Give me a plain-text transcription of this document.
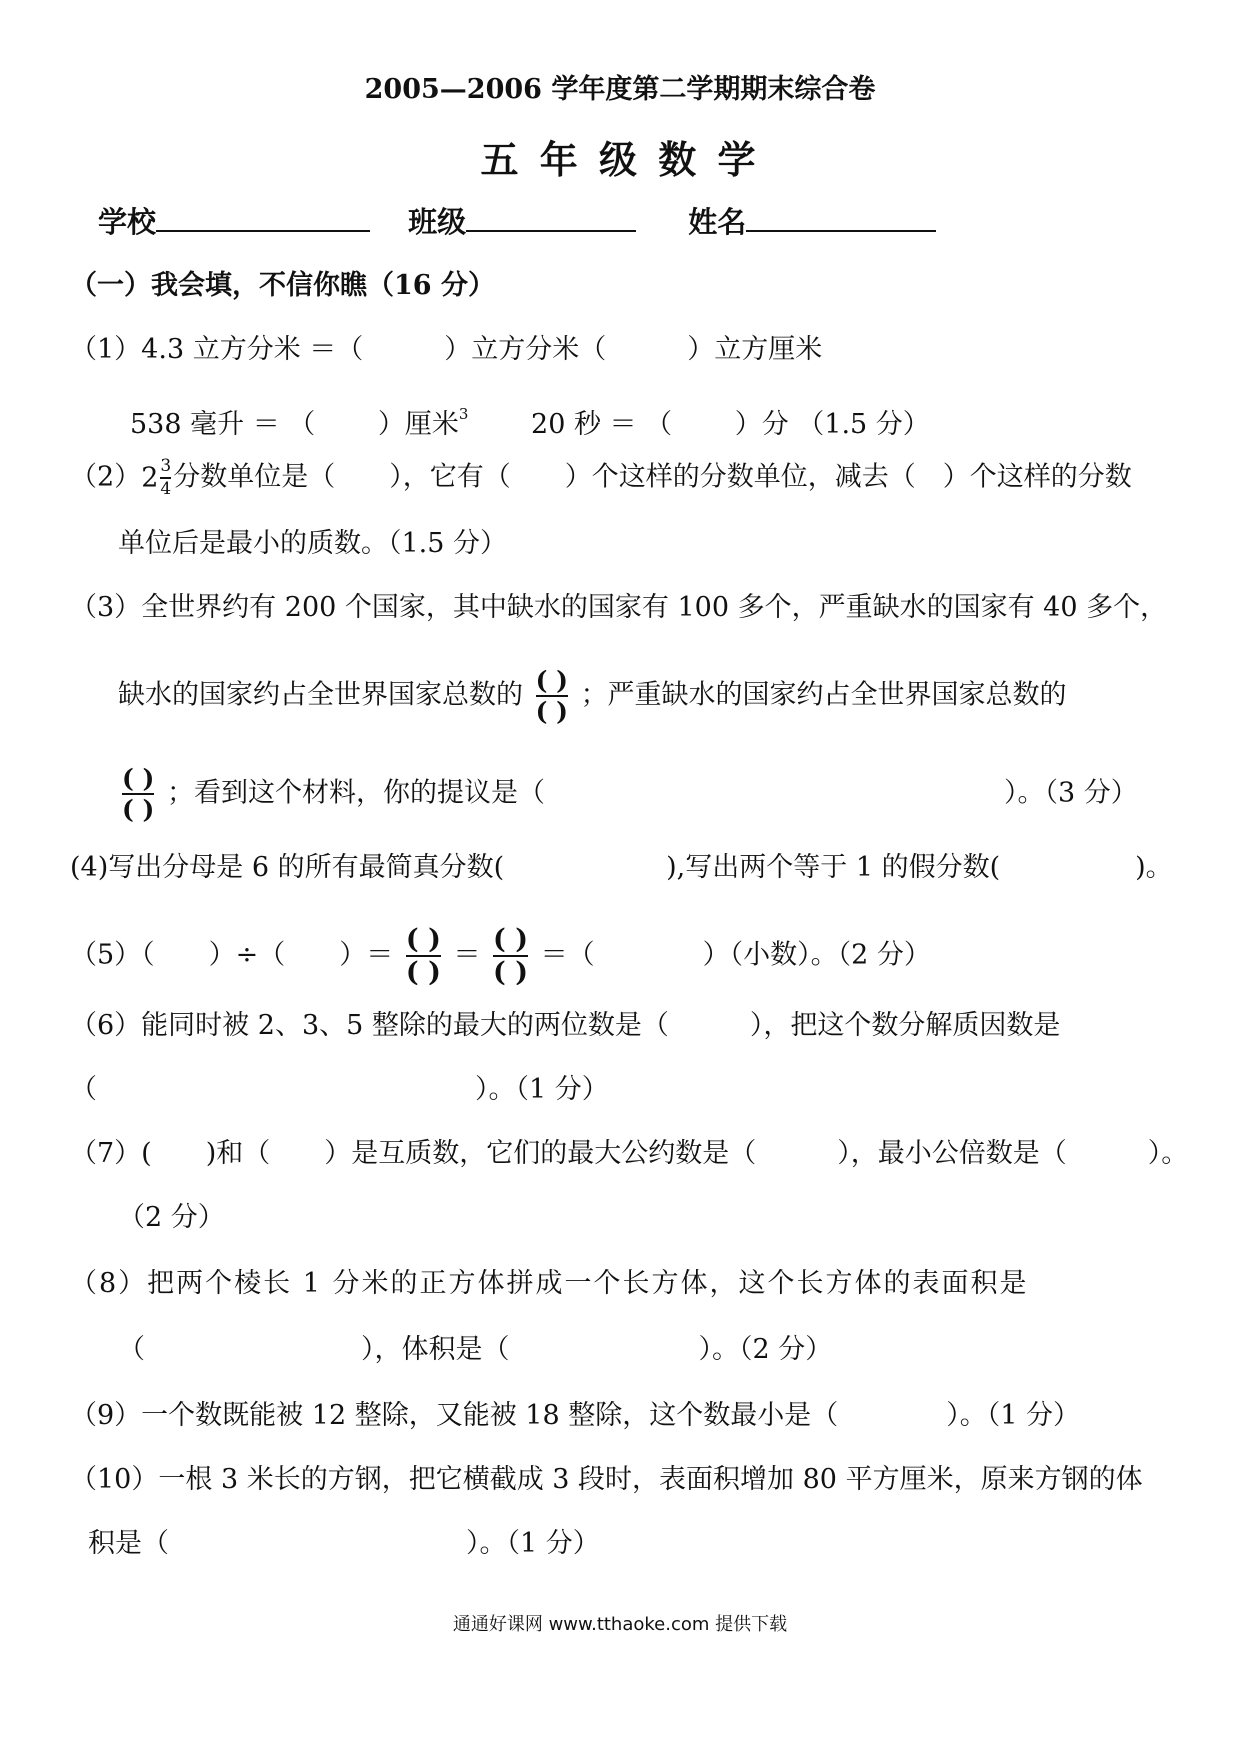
2005—2006 学年度第二学期期末综合卷
五 年 级 数 学
学校	班级	姓名
（一）我会填，不信你瞧（16 分）
（1）4.3 立方分米 ＝（　　　）立方分米（　　　）立方厘米
538 毫升 ＝ （　　 ）厘米$^3$ 20 秒 ＝ （　　 ）分 （1.5 分）
$(2)2 \frac{3}{4}$ 分数单位是（　　），它有（　　）个这样的分数单位，减去（　）个这样的分数
单位后是最小的质数。（1.5 分）
（3）全世界约有 200 个国家，其中缺水的国家有 100 多个，严重缺水的国家有 40 多个，
缺水的国家约占全世界国家总数的 $\frac{( )}{( )}$ ；严重缺水的国家约占全世界国家总数的
$\frac{( )}{( )}$ ；看到这个材料，你的提议是（　　　　　　　　　　　　　　　　　）。（3 分）
(4)写出分母是 6 的所有最简真分数(　　　　　　),写出两个等于 1 的假分数(　　　　　)。
（5）（　　）÷（　　）＝ $\frac{( )}{( )} = \frac{( )}{( )}$ ＝（　　　　）（小数）。（2 分）
（6）能同时被 2、3、5 整除的最大的两位数是（　　　），把这个数分解质因数是
（　　　　　　　　　　　　　　）。（1 分）
（7）(　　)和（　　）是互质数，它们的最大公约数是（　　　），最小公倍数是（　　　）。
（2 分）
（8）把两个棱长 1 分米的正方体拼成一个长方体，这个长方体的表面积是
（　　　　　　　　），体积是（　　　　　　　）。（2 分）
（9）一个数既能被 12 整除，又能被 18 整除，这个数最小是（　　　　）。（1 分）
（10）一根 3 米长的方钢，把它横截成 3 段时，表面积增加 80 平方厘米，原来方钢的体
积是（　　　　　　　　　　　）。（1 分）
通通好课网 www.tthaoke.com 提供下载
